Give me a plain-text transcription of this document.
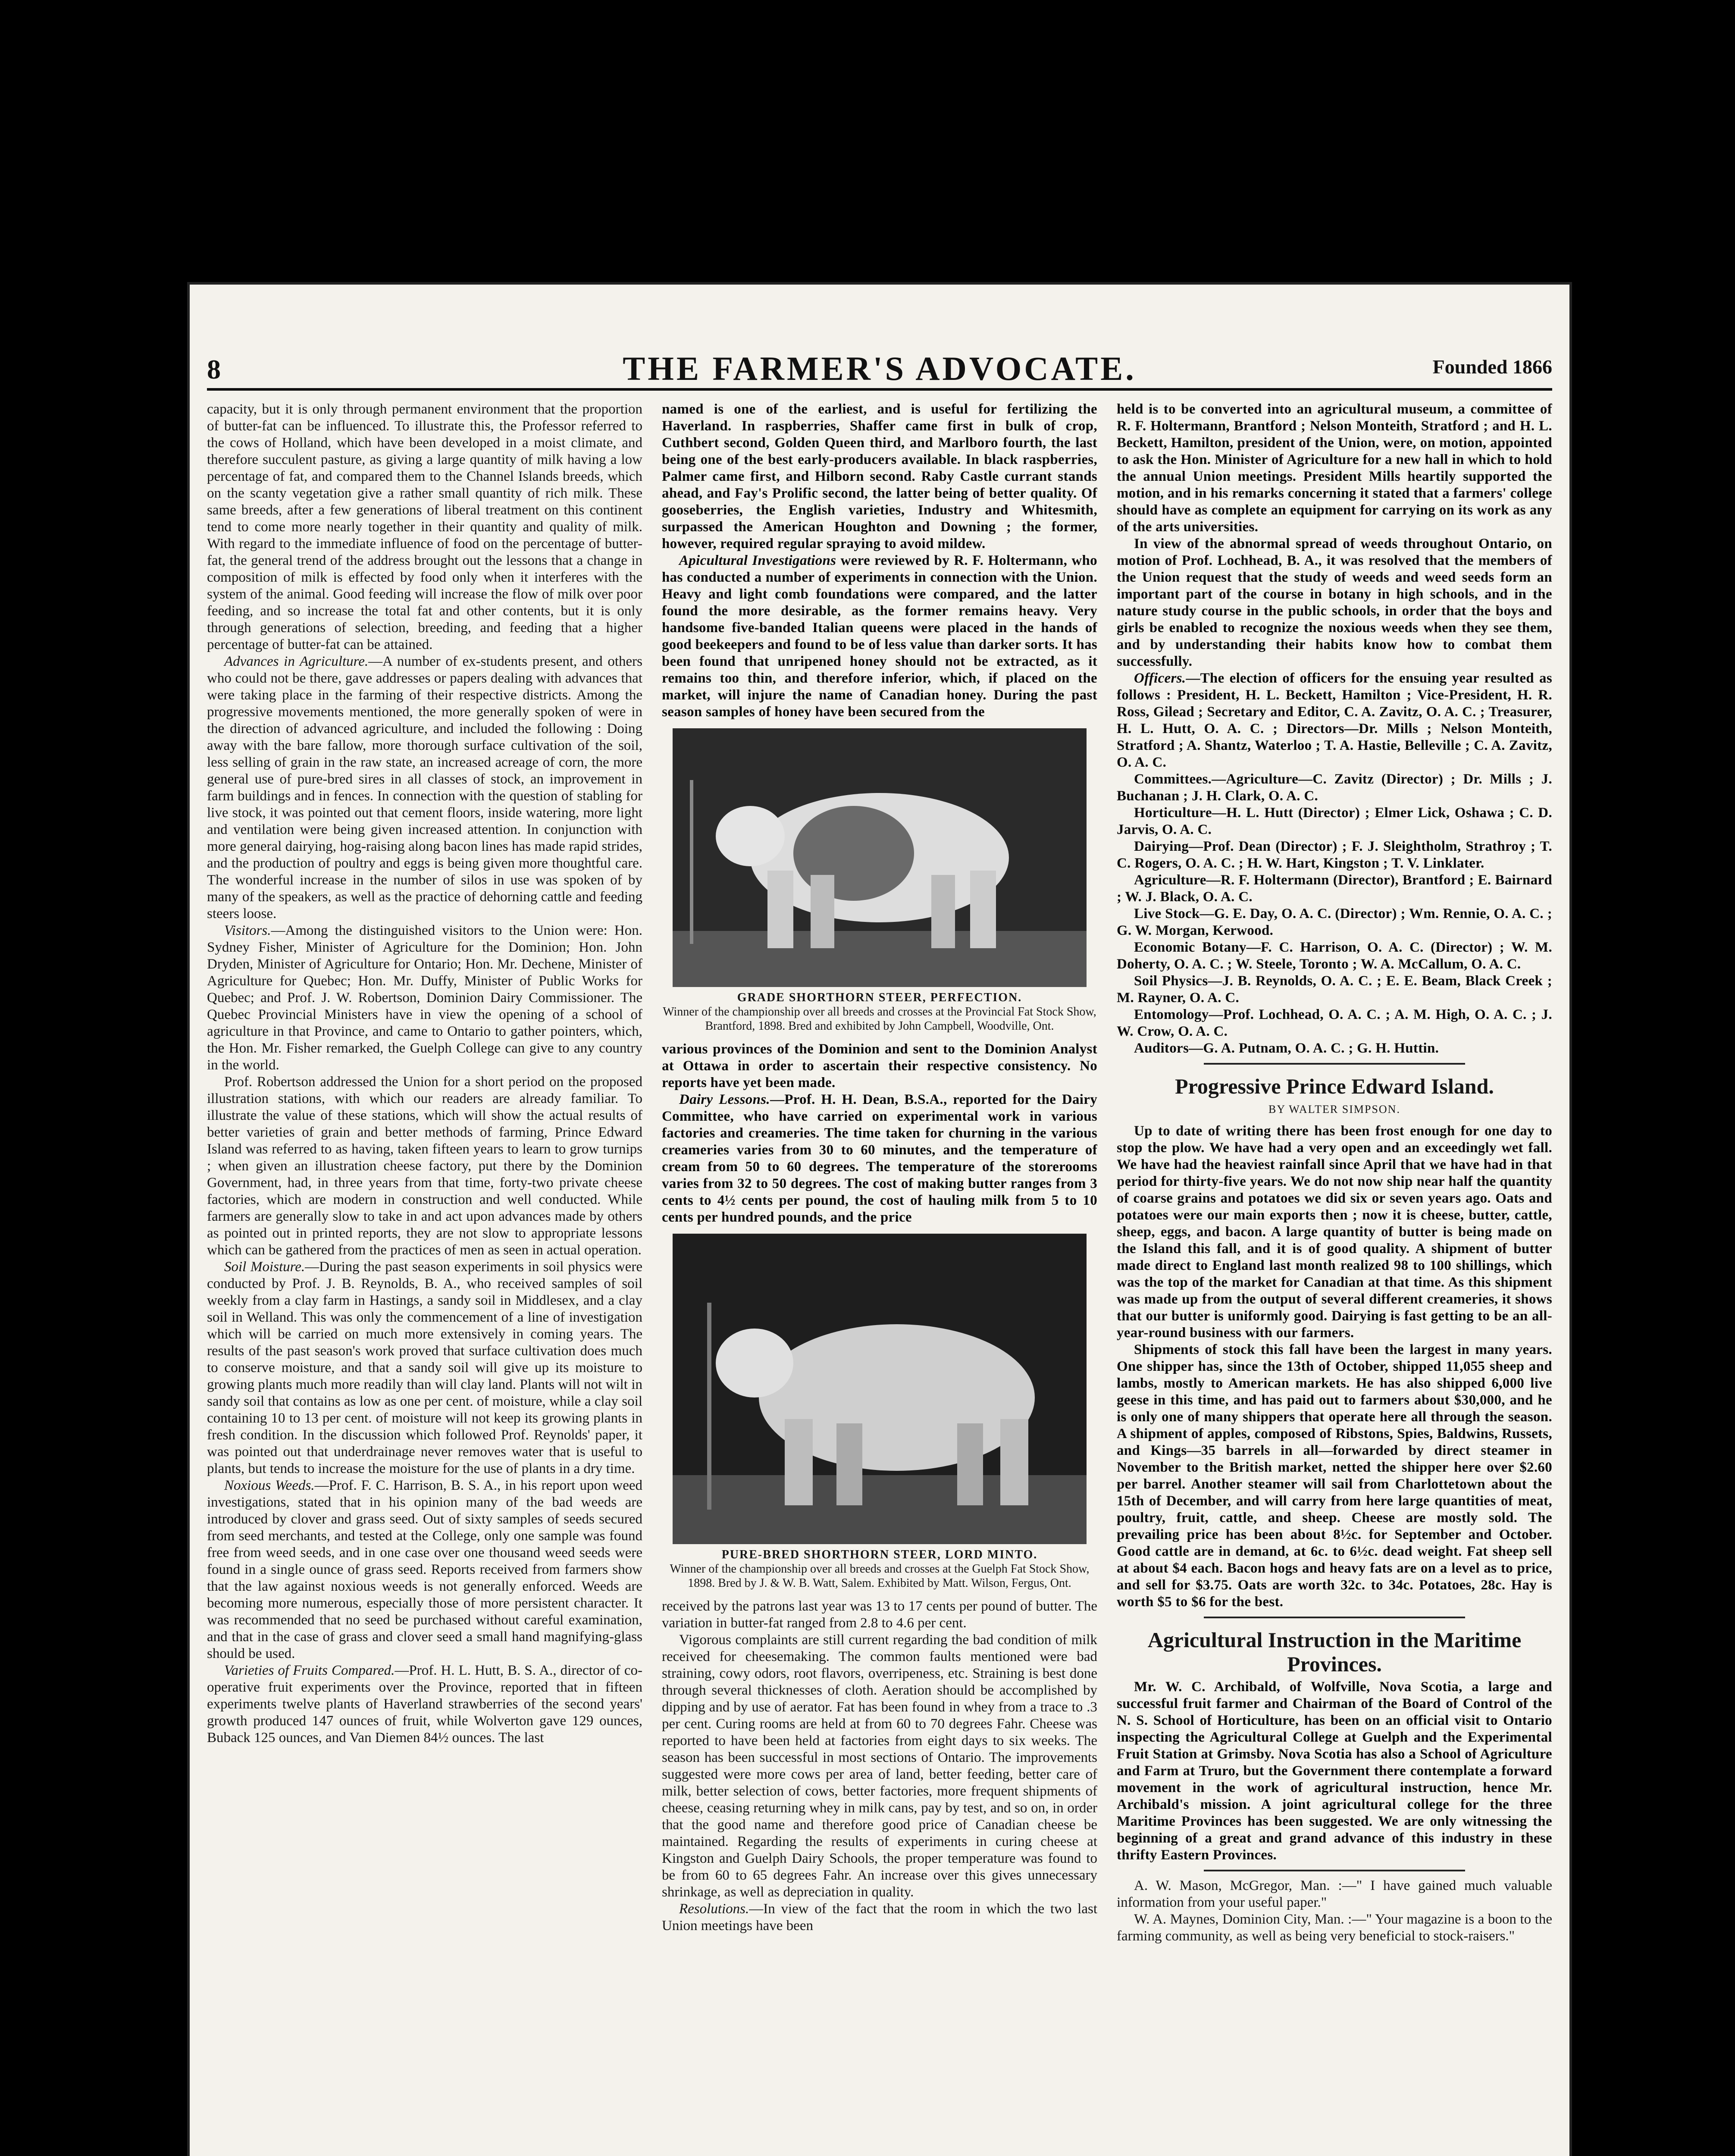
8	THE FARMER'S ADVOCATE.	Founded 1866

capacity, but it is only through permanent environment that the proportion of butter-fat can be influenced. To illustrate this, the Professor referred to the cows of Holland, which have been developed in a moist climate, and therefore succulent pasture, as giving a large quantity of milk having a low percentage of fat, and compared them to the Channel Islands breeds, which on the scanty vegetation give a rather small quantity of rich milk. These same breeds, after a few generations of liberal treatment on this continent tend to come more nearly together in their quantity and quality of milk. With regard to the immediate influence of food on the percentage of butter-fat, the general trend of the address brought out the lessons that a change in composition of milk is effected by food only when it interferes with the system of the animal. Good feeding will increase the flow of milk over poor feeding, and so increase the total fat and other contents, but it is only through generations of selection, breeding, and feeding that a higher percentage of butter-fat can be attained.

Advances in Agriculture.—A number of ex-students present, and others who could not be there, gave addresses or papers dealing with advances that were taking place in the farming of their respective districts. Among the progressive movements mentioned, the more generally spoken of were in the direction of advanced agriculture, and included the following : Doing away with the bare fallow, more thorough surface cultivation of the soil, less selling of grain in the raw state, an increased acreage of corn, the more general use of pure-bred sires in all classes of stock, an improvement in farm buildings and in fences. In connection with the question of stabling for live stock, it was pointed out that cement floors, inside watering, more light and ventilation were being given increased attention. In conjunction with more general dairying, hog-raising along bacon lines has made rapid strides, and the production of poultry and eggs is being given more thoughtful care. The wonderful increase in the number of silos in use was spoken of by many of the speakers, as well as the practice of dehorning cattle and feeding steers loose.

Visitors.—Among the distinguished visitors to the Union were: Hon. Sydney Fisher, Minister of Agriculture for the Dominion; Hon. John Dryden, Minister of Agriculture for Ontario; Hon. Mr. Dechene, Minister of Agriculture for Quebec; Hon. Mr. Duffy, Minister of Public Works for Quebec; and Prof. J. W. Robertson, Dominion Dairy Commissioner. The Quebec Provincial Ministers have in view the opening of a school of agriculture in that Province, and came to Ontario to gather pointers, which, the Hon. Mr. Fisher remarked, the Guelph College can give to any country in the world.

Prof. Robertson addressed the Union for a short period on the proposed illustration stations, with which our readers are already familiar. To illustrate the value of these stations, which will show the actual results of better varieties of grain and better methods of farming, Prince Edward Island was referred to as having, taken fifteen years to learn to grow turnips ; when given an illustration cheese factory, put there by the Dominion Government, had, in three years from that time, forty-two private cheese factories, which are modern in construction and well conducted. While farmers are generally slow to take in and act upon advances made by others as pointed out in printed reports, they are not slow to appropriate lessons which can be gathered from the practices of men as seen in actual operation.

Soil Moisture.—During the past season experiments in soil physics were conducted by Prof. J. B. Reynolds, B. A., who received samples of soil weekly from a clay farm in Hastings, a sandy soil in Middlesex, and a clay soil in Welland. This was only the commencement of a line of investigation which will be carried on much more extensively in coming years. The results of the past season's work proved that surface cultivation does much to conserve moisture, and that a sandy soil will give up its moisture to growing plants much more readily than will clay land. Plants will not wilt in sandy soil that contains as low as one per cent. of moisture, while a clay soil containing 10 to 13 per cent. of moisture will not keep its growing plants in fresh condition. In the discussion which followed Prof. Reynolds' paper, it was pointed out that underdrainage never removes water that is useful to plants, but tends to increase the moisture for the use of plants in a dry time.

Noxious Weeds.—Prof. F. C. Harrison, B. S. A., in his report upon weed investigations, stated that in his opinion many of the bad weeds are introduced by clover and grass seed. Out of sixty samples of seeds secured from seed merchants, and tested at the College, only one sample was found free from weed seeds, and in one case over one thousand weed seeds were found in a single ounce of grass seed. Reports received from farmers show that the law against noxious weeds is not generally enforced. Weeds are becoming more numerous, especially those of more persistent character. It was recommended that no seed be purchased without careful examination, and that in the case of grass and clover seed a small hand magnifying-glass should be used.

Varieties of Fruits Compared.—Prof. H. L. Hutt, B. S. A., director of co-operative fruit experiments over the Province, reported that in fifteen experiments twelve plants of Haverland strawberries of the second years' growth produced 147 ounces of fruit, while Wolverton gave 129 ounces, Buback 125 ounces, and Van Diemen 84½ ounces. The last

named is one of the earliest, and is useful for fertilizing the Haverland. In raspberries, Shaffer came first in bulk of crop, Cuthbert second, Golden Queen third, and Marlboro fourth, the last being one of the best early-producers available. In black raspberries, Palmer came first, and Hilborn second. Raby Castle currant stands ahead, and Fay's Prolific second, the latter being of better quality. Of gooseberries, the English varieties, Industry and Whitesmith, surpassed the American Houghton and Downing ; the former, however, required regular spraying to avoid mildew.

Apicultural Investigations were reviewed by R. F. Holtermann, who has conducted a number of experiments in connection with the Union. Heavy and light comb foundations were compared, and the latter found the more desirable, as the former remains heavy. Very handsome five-banded Italian queens were placed in the hands of good beekeepers and found to be of less value than darker sorts. It has been found that unripened honey should not be extracted, as it remains too thin, and therefore inferior, which, if placed on the market, will injure the name of Canadian honey. During the past season samples of honey have been secured from the

GRADE SHORTHORN STEER, PERFECTION.
Winner of the championship over all breeds and crosses at the Provincial Fat Stock Show, Brantford, 1898. Bred and exhibited by John Campbell, Woodville, Ont.

various provinces of the Dominion and sent to the Dominion Analyst at Ottawa in order to ascertain their respective consistency. No reports have yet been made.

Dairy Lessons.—Prof. H. H. Dean, B.S.A., reported for the Dairy Committee, who have carried on experimental work in various factories and creameries. The time taken for churning in the various creameries varies from 30 to 60 minutes, and the temperature of cream from 50 to 60 degrees. The temperature of the storerooms varies from 32 to 50 degrees. The cost of making butter ranges from 3 cents to 4½ cents per pound, the cost of hauling milk from 5 to 10 cents per hundred pounds, and the price

PURE-BRED SHORTHORN STEER, LORD MINTO.
Winner of the championship over all breeds and crosses at the Guelph Fat Stock Show, 1898. Bred by J. & W. B. Watt, Salem. Exhibited by Matt. Wilson, Fergus, Ont.

received by the patrons last year was 13 to 17 cents per pound of butter. The variation in butter-fat ranged from 2.8 to 4.6 per cent.

Vigorous complaints are still current regarding the bad condition of milk received for cheesemaking. The common faults mentioned were bad straining, cowy odors, root flavors, overripeness, etc. Straining is best done through several thicknesses of cloth. Aeration should be accomplished by dipping and by use of aerator. Fat has been found in whey from a trace to .3 per cent. Curing rooms are held at from 60 to 70 degrees Fahr. Cheese was reported to have been held at factories from eight days to six weeks. The season has been successful in most sections of Ontario. The improvements suggested were more cows per area of land, better feeding, better care of milk, better selection of cows, better factories, more frequent shipments of cheese, ceasing returning whey in milk cans, pay by test, and so on, in order that the good name and therefore good price of Canadian cheese be maintained. Regarding the results of experiments in curing cheese at Kingston and Guelph Dairy Schools, the proper temperature was found to be from 60 to 65 degrees Fahr. An increase over this gives unnecessary shrinkage, as well as depreciation in quality.

Resolutions.—In view of the fact that the room in which the two last Union meetings have been

held is to be converted into an agricultural museum, a committee of R. F. Holtermann, Brantford ; Nelson Monteith, Stratford ; and H. L. Beckett, Hamilton, president of the Union, were, on motion, appointed to ask the Hon. Minister of Agriculture for a new hall in which to hold the annual Union meetings. President Mills heartily supported the motion, and in his remarks concerning it stated that a farmers' college should have as complete an equipment for carrying on its work as any of the arts universities.

In view of the abnormal spread of weeds throughout Ontario, on motion of Prof. Lochhead, B. A., it was resolved that the members of the Union request that the study of weeds and weed seeds form an important part of the course in botany in high schools, and in the nature study course in the public schools, in order that the boys and girls be enabled to recognize the noxious weeds when they see them, and by understanding their habits know how to combat them successfully.

Officers.—The election of officers for the ensuing year resulted as follows : President, H. L. Beckett, Hamilton ; Vice-President, H. R. Ross, Gilead ; Secretary and Editor, C. A. Zavitz, O. A. C. ; Treasurer, H. L. Hutt, O. A. C. ; Directors—Dr. Mills ; Nelson Monteith, Stratford ; A. Shantz, Waterloo ; T. A. Hastie, Belleville ; C. A. Zavitz, O. A. C.

Committees.—Agriculture—C. Zavitz (Director) ; Dr. Mills ; J. Buchanan ; J. H. Clark, O. A. C.

Horticulture—H. L. Hutt (Director) ; Elmer Lick, Oshawa ; C. D. Jarvis, O. A. C.

Dairying—Prof. Dean (Director) ; F. J. Sleightholm, Strathroy ; T. C. Rogers, O. A. C. ; H. W. Hart, Kingston ; T. V. Linklater.

Agriculture—R. F. Holtermann (Director), Brantford ; E. Bairnard ; W. J. Black, O. A. C.

Live Stock—G. E. Day, O. A. C. (Director) ; Wm. Rennie, O. A. C. ; G. W. Morgan, Kerwood.

Economic Botany—F. C. Harrison, O. A. C. (Director) ; W. M. Doherty, O. A. C. ; W. Steele, Toronto ; W. A. McCallum, O. A. C.

Soil Physics—J. B. Reynolds, O. A. C. ; E. E. Beam, Black Creek ; M. Rayner, O. A. C.

Entomology—Prof. Lochhead, O. A. C. ; A. M. High, O. A. C. ; J. W. Crow, O. A. C.

Auditors—G. A. Putnam, O. A. C. ; G. H. Huttin.

Progressive Prince Edward Island.
BY WALTER SIMPSON.

Up to date of writing there has been frost enough for one day to stop the plow. We have had a very open and an exceedingly wet fall. We have had the heaviest rainfall since April that we have had in that period for thirty-five years. We do not now ship near half the quantity of coarse grains and potatoes we did six or seven years ago. Oats and potatoes were our main exports then ; now it is cheese, butter, cattle, sheep, eggs, and bacon. A large quantity of butter is being made on the Island this fall, and it is of good quality. A shipment of butter made direct to England last month realized 98 to 100 shillings, which was the top of the market for Canadian at that time. As this shipment was made up from the output of several different creameries, it shows that our butter is uniformly good. Dairying is fast getting to be an all-year-round business with our farmers.

Shipments of stock this fall have been the largest in many years. One shipper has, since the 13th of October, shipped 11,055 sheep and lambs, mostly to American markets. He has also shipped 6,000 live geese in this time, and has paid out to farmers about $30,000, and he is only one of many shippers that operate here all through the season. A shipment of apples, composed of Ribstons, Spies, Baldwins, Russets, and Kings—35 barrels in all—forwarded by direct steamer in November to the British market, netted the shipper here over $2.60 per barrel. Another steamer will sail from Charlottetown about the 15th of December, and will carry from here large quantities of meat, poultry, fruit, cattle, and sheep. Cheese are mostly sold. The prevailing price has been about 8½c. for September and October. Good cattle are in demand, at 6c. to 6½c. dead weight. Fat sheep sell at about $4 each. Bacon hogs and heavy fats are on a level as to price, and sell for $3.75. Oats are worth 32c. to 34c. Potatoes, 28c. Hay is worth $5 to $6 for the best.

Agricultural Instruction in the Maritime Provinces.

Mr. W. C. Archibald, of Wolfville, Nova Scotia, a large and successful fruit farmer and Chairman of the Board of Control of the N. S. School of Horticulture, has been on an official visit to Ontario inspecting the Agricultural College at Guelph and the Experimental Fruit Station at Grimsby. Nova Scotia has also a School of Agriculture and Farm at Truro, but the Government there contemplate a forward movement in the work of agricultural instruction, hence Mr. Archibald's mission. A joint agricultural college for the three Maritime Provinces has been suggested. We are only witnessing the beginning of a great and grand advance of this industry in these thrifty Eastern Provinces.

A. W. Mason, McGregor, Man. :—" I have gained much valuable information from your useful paper."

W. A. Maynes, Dominion City, Man. :—" Your magazine is a boon to the farming community, as well as being very beneficial to stock-raisers."
